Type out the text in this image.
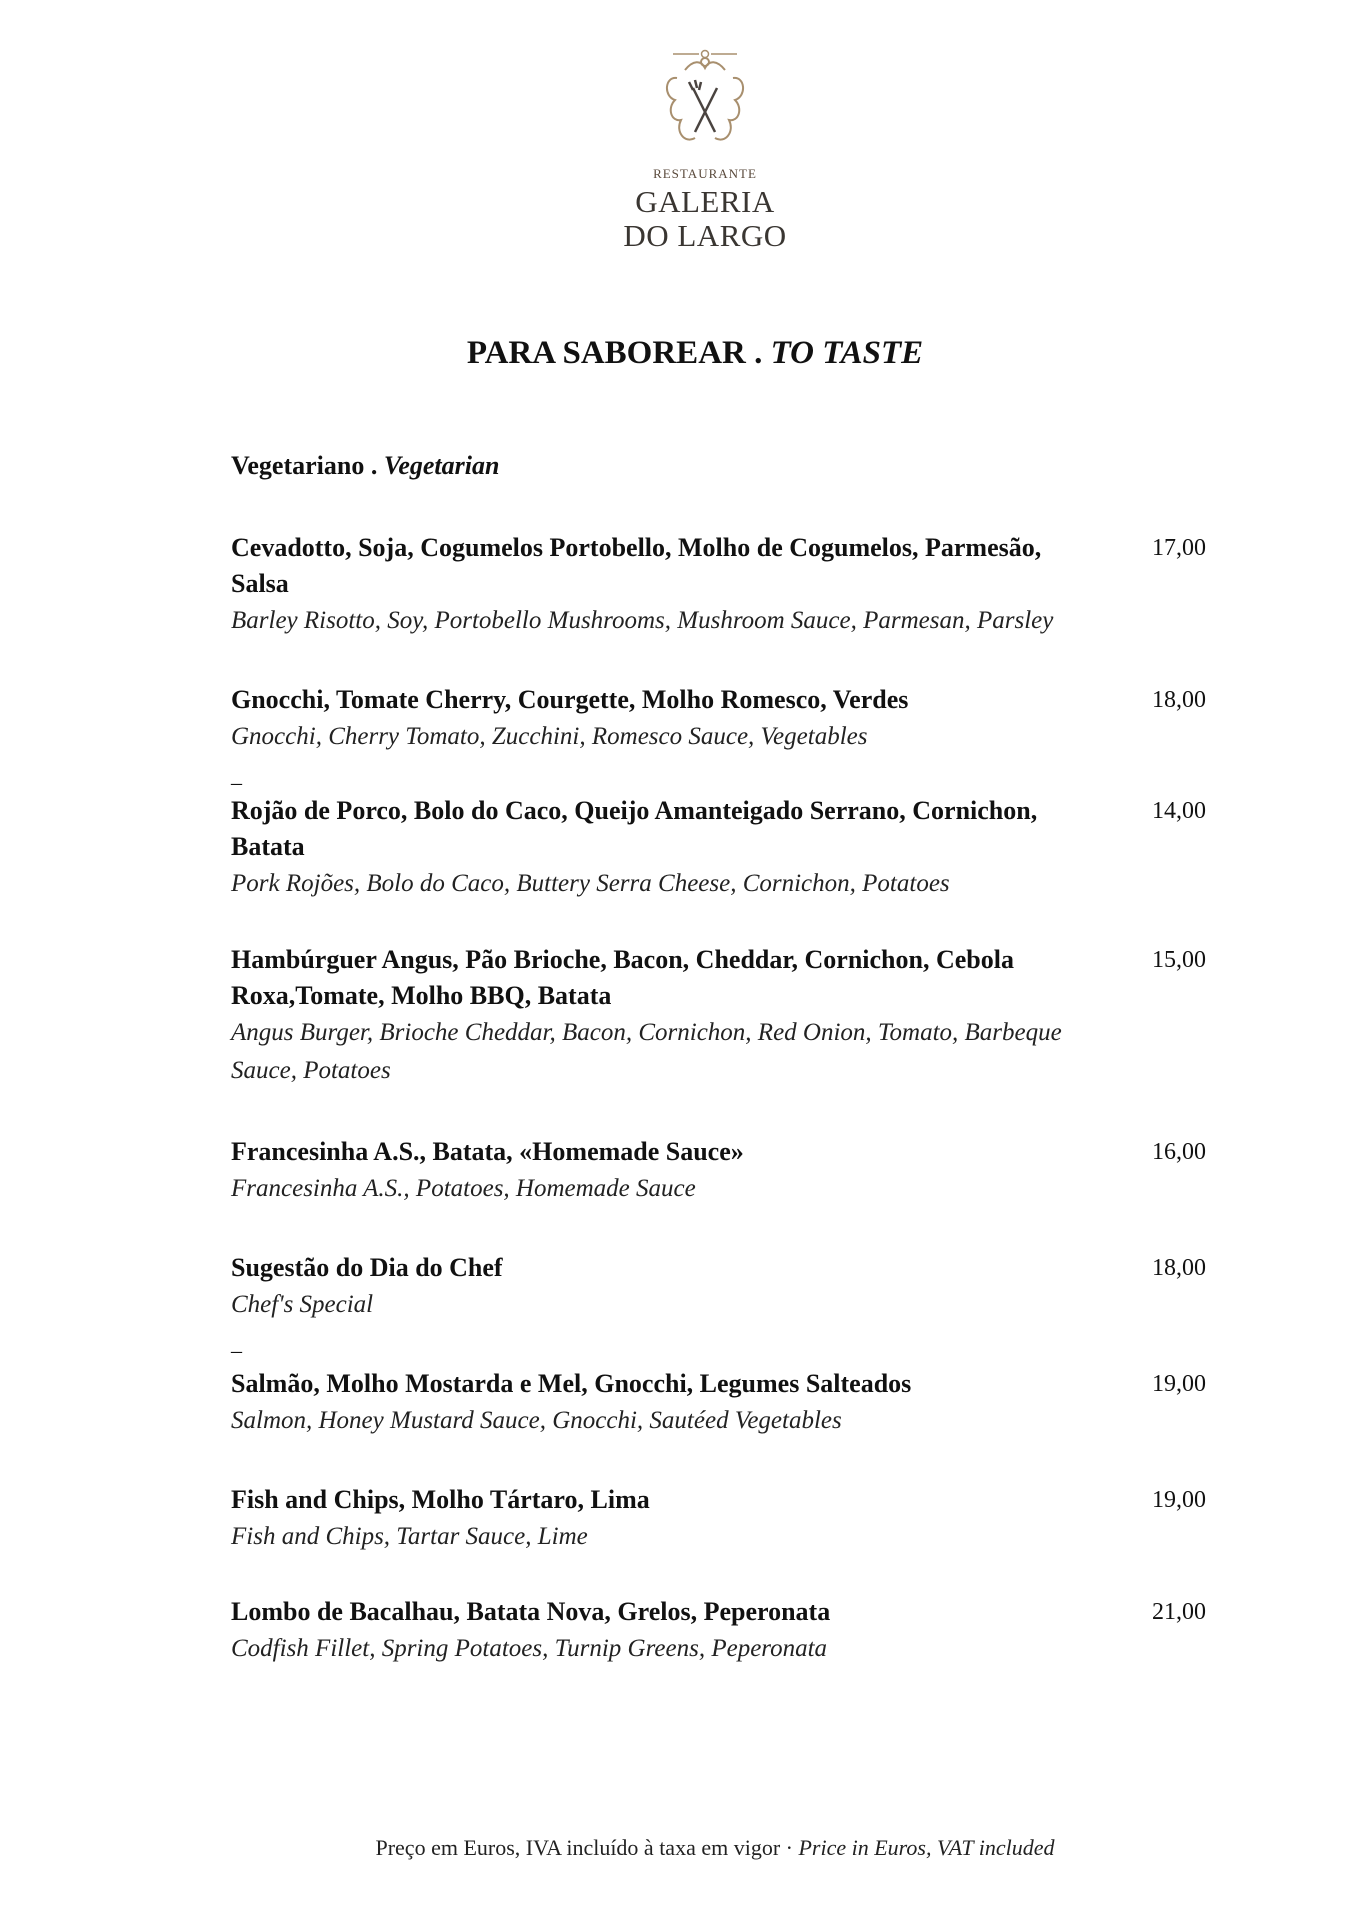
RESTAURANTE
GALERIA
DO LARGO
PARA SABOREAR . TO TASTE
Vegetariano . Vegetarian
Cevadotto, Soja, Cogumelos Portobello, Molho de Cogumelos, Parmesão, Salsa
Barley Risotto, Soy, Portobello Mushrooms, Mushroom Sauce, Parmesan, Parsley
17,00
Gnocchi, Tomate Cherry, Courgette, Molho Romesco, Verdes
Gnocchi, Cherry Tomato, Zucchini, Romesco Sauce, Vegetables
18,00
_
Rojão de Porco, Bolo do Caco, Queijo Amanteigado Serrano, Cornichon, Batata
Pork Rojões, Bolo do Caco, Buttery Serra Cheese, Cornichon, Potatoes
14,00
Hambúrguer Angus, Pão Brioche, Bacon, Cheddar, Cornichon, Cebola Roxa,Tomate, Molho BBQ, Batata
Angus Burger, Brioche Cheddar, Bacon, Cornichon, Red Onion, Tomato, Barbeque Sauce, Potatoes
15,00
Francesinha A.S., Batata, «Homemade Sauce»
Francesinha A.S., Potatoes, Homemade Sauce
16,00
Sugestão do Dia do Chef
Chef's Special
18,00
_
Salmão, Molho Mostarda e Mel, Gnocchi, Legumes Salteados
Salmon, Honey Mustard Sauce, Gnocchi, Sautéed Vegetables
19,00
Fish and Chips, Molho Tártaro, Lima
Fish and Chips, Tartar Sauce, Lime
19,00
Lombo de Bacalhau, Batata Nova, Grelos, Peperonata
Codfish Fillet, Spring Potatoes, Turnip Greens, Peperonata
21,00
Preço em Euros, IVA incluído à taxa em vigor · Price in Euros, VAT included
